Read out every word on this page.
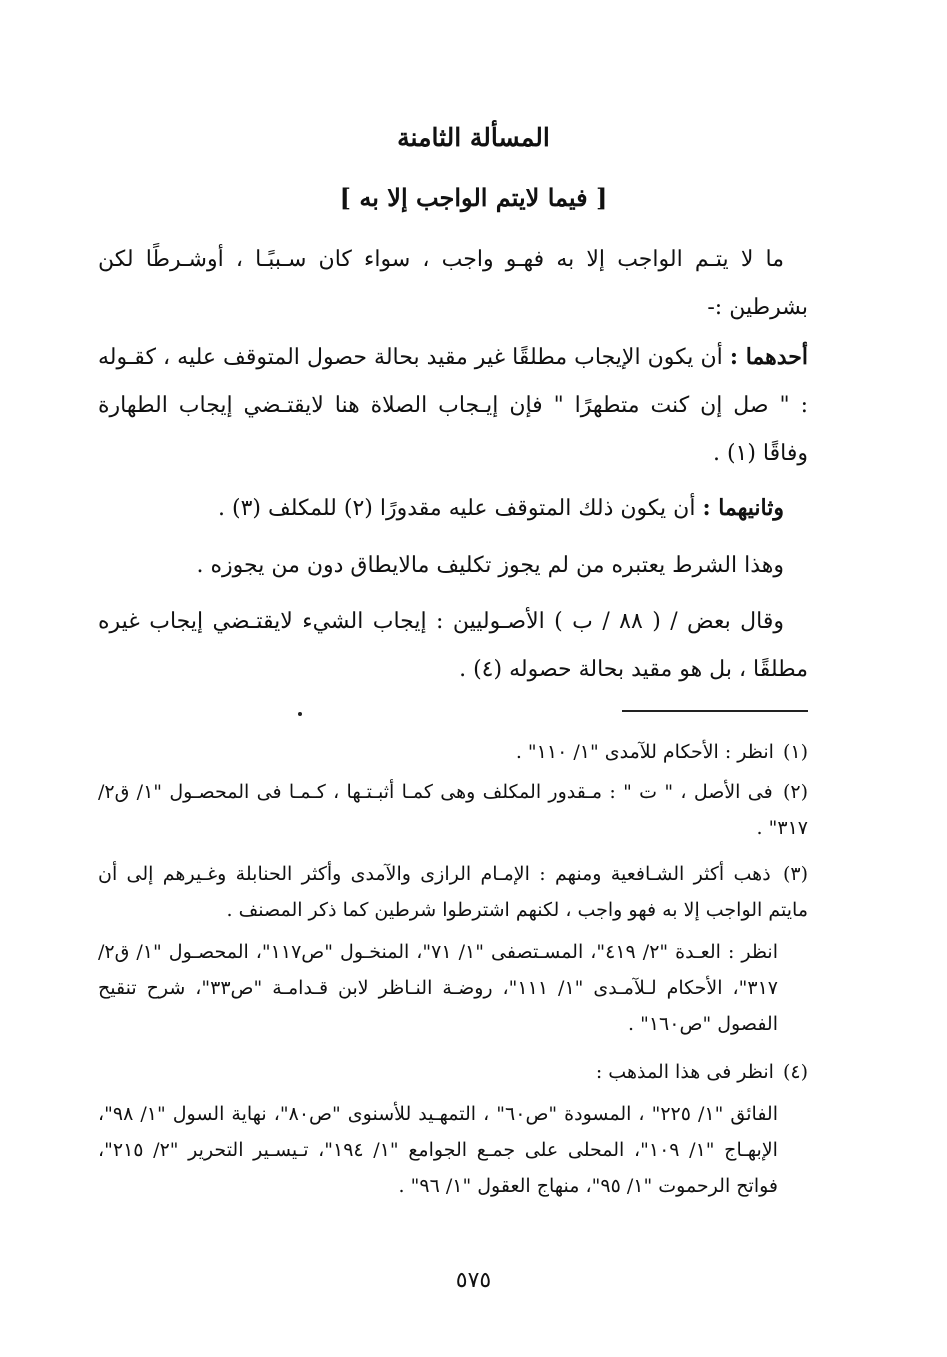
المسألة الثامنة
[ فيما لايتم الواجب إلا به ]
ما لا يتـم الواجب إلا به فهـو واجب ، سواء كان سـببًـا ، أوشـرطًا لكن بشرطين :-
أحدهما : أن يكون الإيجاب مطلقًا غير مقيد بحالة حصول المتوقف عليه ، كقـوله : " صل إن كنت متطهرًا " فإن إيـجاب الصلاة هنا لايقتـضي إيجاب الطهارة وفاقًا (١) .
وثانيهما : أن يكون ذلك المتوقف عليه مقدورًا (٢) للمكلف (٣) .
وهذا الشرط يعتبره من لم يجوز تكليف مالايطاق دون من يجوزه .
وقال بعض / ( ٨٨ / ب ) الأصـوليين : إيجاب الشيء لايقتـضي إيجاب غيره مطلقًا ، بل هو مقيد بحالة حصوله (٤) .
(١) انظر : الأحكام للآمدى "١/ ١١٠" .
(٢) فى الأصل ، " ت " : مـقدور المكلف وهى كمـا أثبـتـها ، كـمـا فى المحصـول "١/ ق٢/ ٣١٧" .
(٣) ذهب أكثر الشـافعية ومنهم : الإمـام الرازى والآمدى وأكثر الحنابلة وغـيرهم إلى أن مايتم الواجب إلا به فهو واجب ، لكنهم اشترطوا شرطين كما ذكر المصنف .
انظر : العـدة "٢/ ٤١٩"، المسـتصفى "١/ ٧١"، المنخـول "ص١١٧"، المحصـول "١/ ق٢/ ٣١٧"، الأحكام لـلآمـدى "١/ ١١١"، روضـة النـاظر لابن قـدامـة "ص٣٣"، شرح تنقيح الفصول "ص١٦٠" .
(٤) انظر فى هذا المذهب :
الفائق "١/ ٢٢٥" ، المسودة "ص٦٠" ، التمهـيد للأسنوى "ص٨٠"، نهاية السول "١/ ٩٨"، الإبهـاج "١/ ١٠٩"، المحلى على جمـع الجوامع "١/ ١٩٤"، تـيسـير التحرير "٢/ ٢١٥"، فواتح الرحموت "١/ ٩٥"، منهاج العقول "١/ ٩٦" .
٥٧٥
